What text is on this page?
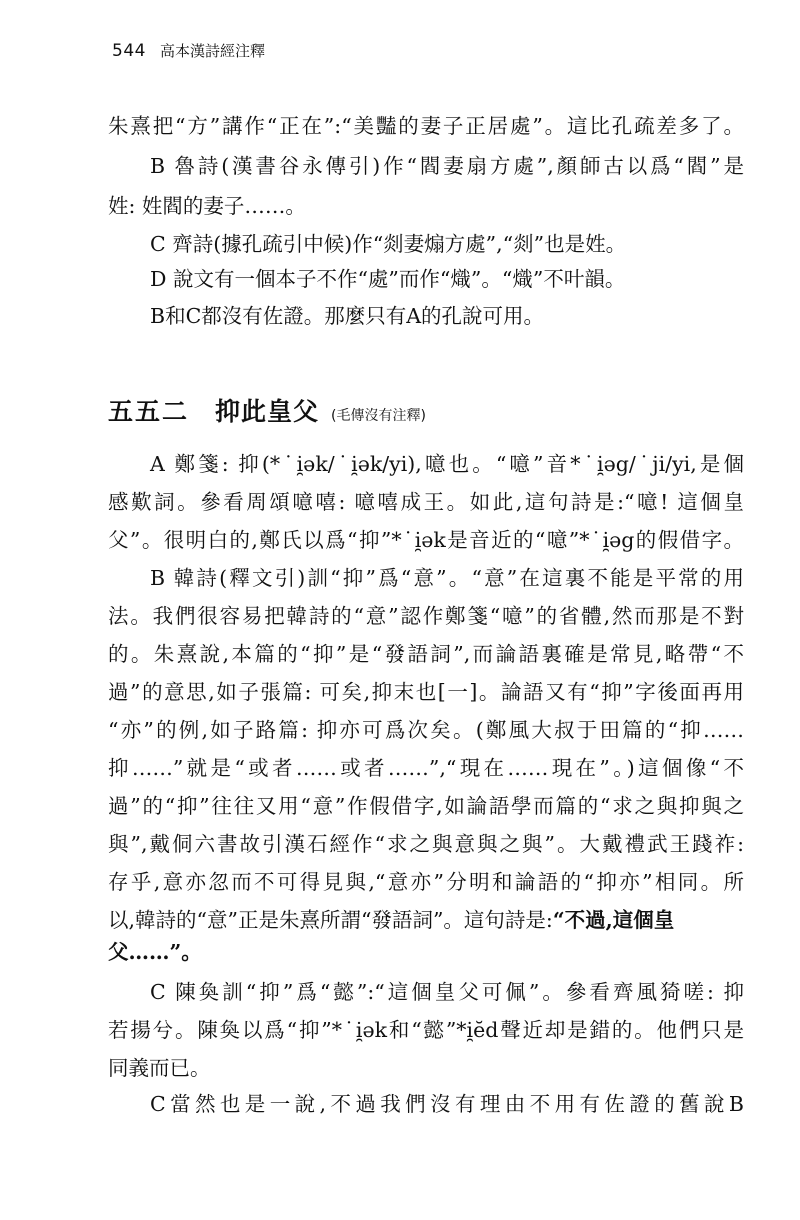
544 高本漢詩經注釋
朱熹把“方”講作“正在”:“美豔的妻子正居處”。這比孔疏差多了。
B 魯詩(漢書谷永傳引)作“閻妻扇方處”,顏師古以爲“閻”是
姓: 姓閻的妻子……。
C 齊詩(據孔疏引中候)作“剡妻煽方處”,“剡”也是姓。
D 說文有一個本子不作“處”而作“熾”。“熾”不叶韻。
B和C都沒有佐證。那麼只有A的孔說可用。
五五二 抑此皇父 (毛傳沒有注釋)
A 鄭箋: 抑(*˙i̯ək/˙i̯ək/yi),噫也。“噫”音*˙i̯əg/˙ji/yi,是個
感歎詞。參看周頌噫嘻: 噫嘻成王。如此,這句詩是:“噫! 這個皇
父”。很明白的,鄭氏以爲“抑”*˙i̯ək是音近的“噫”*˙i̯əg的假借字。
B 韓詩(釋文引)訓“抑”爲“意”。“意”在這裏不能是平常的用
法。我們很容易把韓詩的“意”認作鄭箋“噫”的省體,然而那是不對
的。朱熹說,本篇的“抑”是“發語詞”,而論語裏確是常見,略帶“不
過”的意思,如子張篇: 可矣,抑末也[一]。論語又有“抑”字後面再用
“亦”的例,如子路篇: 抑亦可爲次矣。(鄭風大叔于田篇的“抑……
抑……”就是“或者……或者……”,“現在……現在”。)這個像“不
過”的“抑”往往又用“意”作假借字,如論語學而篇的“求之與抑與之
與”,戴侗六書故引漢石經作“求之與意與之與”。大戴禮武王踐祚:
存乎,意亦忽而不可得見與,“意亦”分明和論語的“抑亦”相同。所
以,韓詩的“意”正是朱熹所謂“發語詞”。這句詩是:“不過,這個皇
父……”。
C 陳奐訓“抑”爲“懿”:“這個皇父可佩”。參看齊風猗嗟: 抑
若揚兮。陳奐以爲“抑”*˙i̯ək和“懿”*i̯ĕd聲近却是錯的。他們只是
同義而已。
C當然也是一說,不過我們沒有理由不用有佐證的舊說B
